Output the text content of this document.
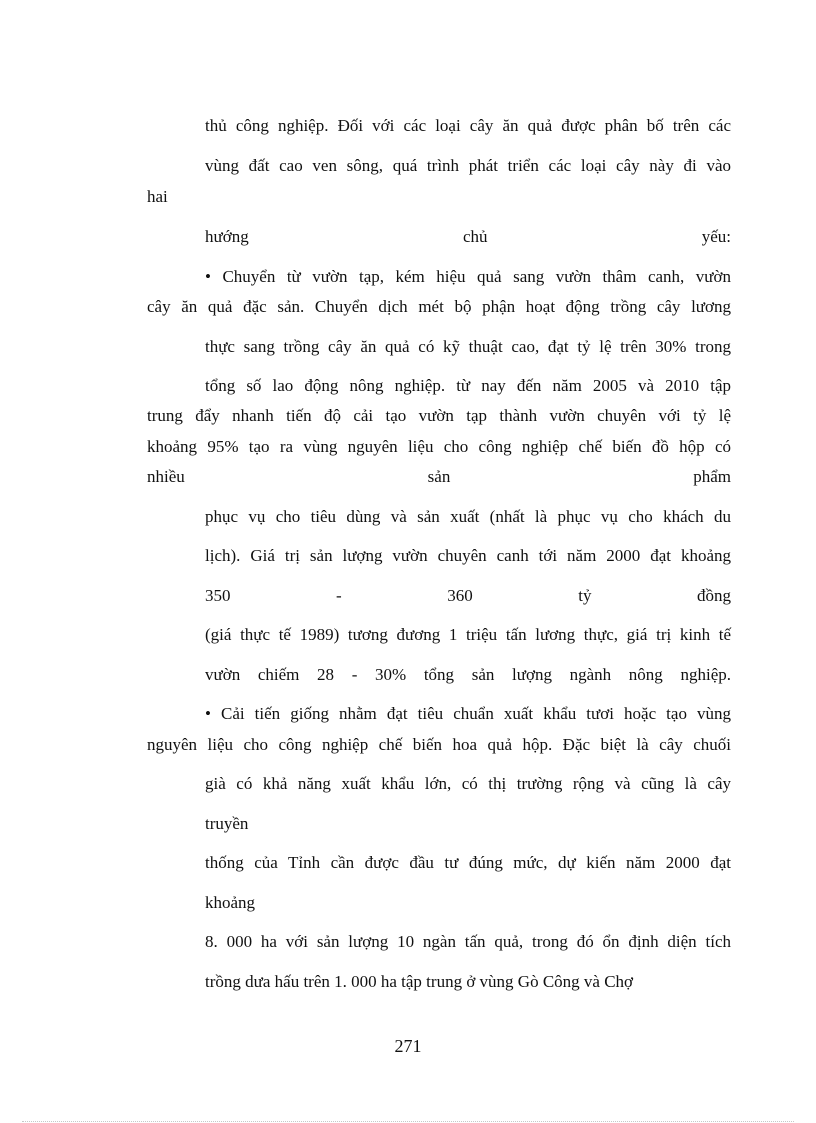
thủ công nghiệp. Đối với các loại cây ăn quả được phân bố trên các

vùng đất cao ven sông, quá trình phát triển các loại cây này đi vào

hai

hướng chủ yếu:

• Chuyển từ vườn tạp, kém hiệu quả sang vườn thâm canh, vườn

cây ăn quả đặc sản. Chuyển dịch mét bộ phận hoạt động trồng cây lương

thực sang trồng cây ăn quả có kỹ thuật cao, đạt tỷ lệ trên 30% trong

tổng số lao động nông nghiệp. từ nay đến năm 2005 và 2010 tập

trung đẩy nhanh tiến độ cải tạo vườn tạp thành vườn chuyên với tỷ lệ

khoảng 95% tạo ra vùng nguyên liệu cho công nghiệp chế biến đồ hộp có

nhiều sản phẩm

phục vụ cho tiêu dùng và sản xuất (nhất là phục vụ cho khách du

lịch). Giá trị sản lượng vườn chuyên canh tới năm 2000 đạt khoảng

350 - 360 tỷ đồng

(giá thực tế 1989) tương đương 1 triệu tấn lương thực, giá trị kinh tế

vườn chiếm 28 - 30% tổng sản lượng ngành nông nghiệp.

• Cải tiến giống nhằm đạt tiêu chuẩn xuất khẩu tươi hoặc tạo vùng

nguyên liệu cho công nghiệp chế biến hoa quả hộp. Đặc biệt là cây chuối

già có khả năng xuất khẩu lớn, có thị trường rộng và cũng là cây

truyền

thống của Tỉnh cần được đầu tư đúng mức, dự kiến năm 2000 đạt

khoảng

8. 000 ha với sản lượng 10 ngàn tấn quả, trong đó ổn định diện tích

trồng dưa hấu trên 1. 000 ha tập trung ở vùng Gò Công và Chợ

271
